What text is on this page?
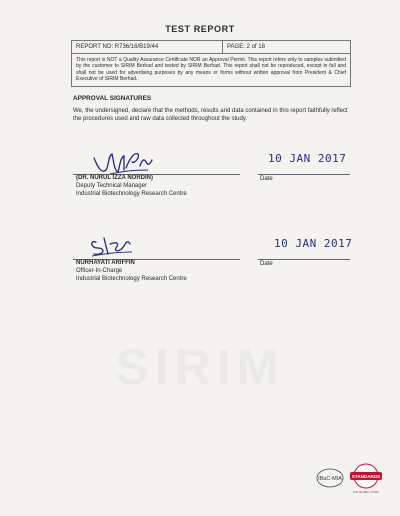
SIRIM
TEST REPORT
REPORT NO: R736/16/B19/44	PAGE: 2 of 18
This report is NOT a Quality Assurance Certificate NOR an Approval Permit. This report refers only to samples submitted by the customer to SIRIM Berhad and tested by SIRIM Berhad. This report shall not be reproduced, except in full and shall not be used for advertising purposes by any means or forms without written approval from President & Chief Executive of SIRIM Berhad.
APPROVAL SIGNATURES
We, the undersigned, declare that the methods, results and data contained in this report faithfully reflect the procedures used and raw data collected throughout the study.
10 JAN 2017
(DR. NURUL IZZA NORDIN)
Deputy Technical Manager
Industrial Biotechnology Research Centre
Date
10 JAN 2017
NURHAYATI ARIFFIN
Officer-In-Charge
Industrial Biotechnology Research Centre
Date
IBaC-MIA STANDARDS
MS ISO/IEC 17025
